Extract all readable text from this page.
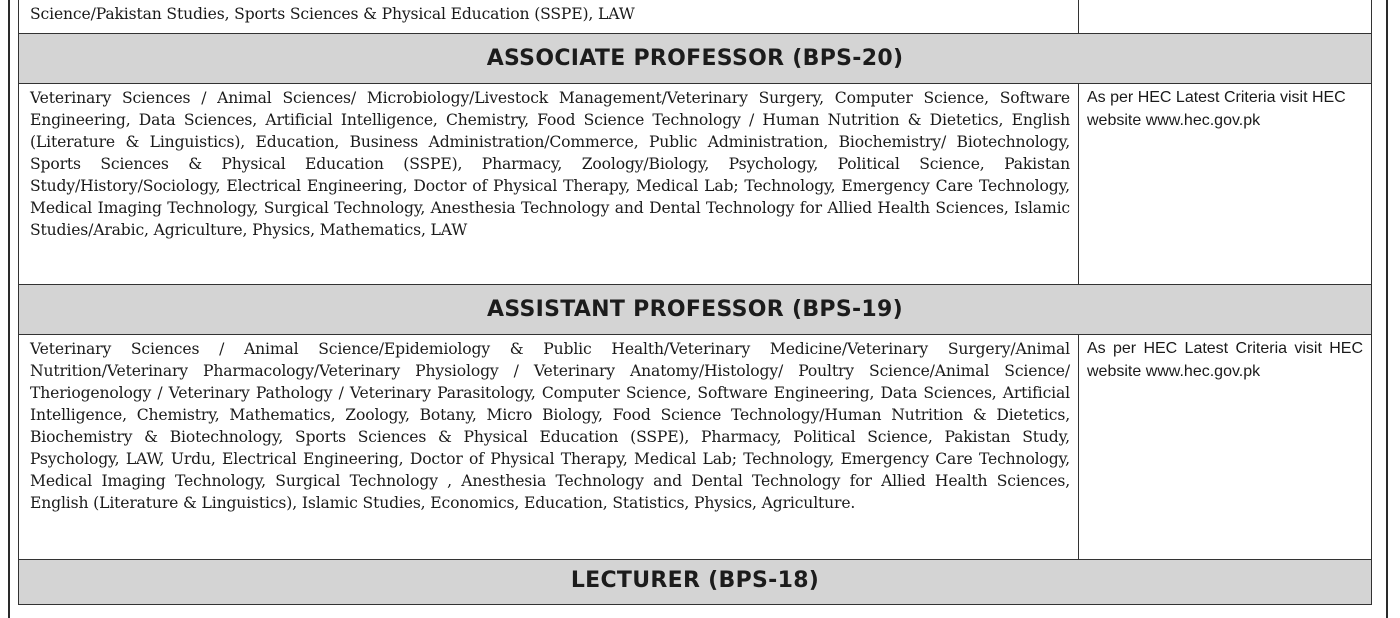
Science/Pakistan Studies, Sports Sciences & Physical Education (SSPE), LAW
ASSOCIATE PROFESSOR (BPS-20)
Veterinary Sciences / Animal Sciences/ Microbiology/Livestock Management/Veterinary Surgery, Computer Science, Software Engineering, Data Sciences, Artificial Intelligence, Chemistry, Food Science Technology / Human Nutrition & Dietetics, English (Literature & Linguistics), Education, Business Administration/Commerce, Public Administration, Biochemistry/ Biotechnology, Sports Sciences & Physical Education (SSPE), Pharmacy, Zoology/Biology, Psychology, Political Science, Pakistan Study/History/Sociology, Electrical Engineering, Doctor of Physical Therapy, Medical Lab; Technology, Emergency Care Technology, Medical Imaging Technology, Surgical Technology, Anesthesia Technology and Dental Technology for Allied Health Sciences, Islamic Studies/Arabic, Agriculture, Physics, Mathematics, LAW
As per HEC Latest Criteria visit HEC website www.hec.gov.pk
ASSISTANT PROFESSOR (BPS-19)
Veterinary Sciences / Animal Science/Epidemiology & Public Health/Veterinary Medicine/Veterinary Surgery/Animal Nutrition/Veterinary Pharmacology/Veterinary Physiology / Veterinary Anatomy/Histology/ Poultry Science/Animal Science/ Theriogenology / Veterinary Pathology / Veterinary Parasitology, Computer Science, Software Engineering, Data Sciences, Artificial Intelligence, Chemistry, Mathematics, Zoology, Botany, Micro Biology, Food Science Technology/Human Nutrition & Dietetics, Biochemistry & Biotechnology, Sports Sciences & Physical Education (SSPE), Pharmacy, Political Science, Pakistan Study, Psychology, LAW, Urdu, Electrical Engineering, Doctor of Physical Therapy, Medical Lab; Technology, Emergency Care Technology, Medical Imaging Technology, Surgical Technology , Anesthesia Technology and Dental Technology for Allied Health Sciences, English (Literature & Linguistics), Islamic Studies, Economics, Education, Statistics, Physics, Agriculture.
As per HEC Latest Criteria visit HEC website www.hec.gov.pk
LECTURER (BPS-18)
